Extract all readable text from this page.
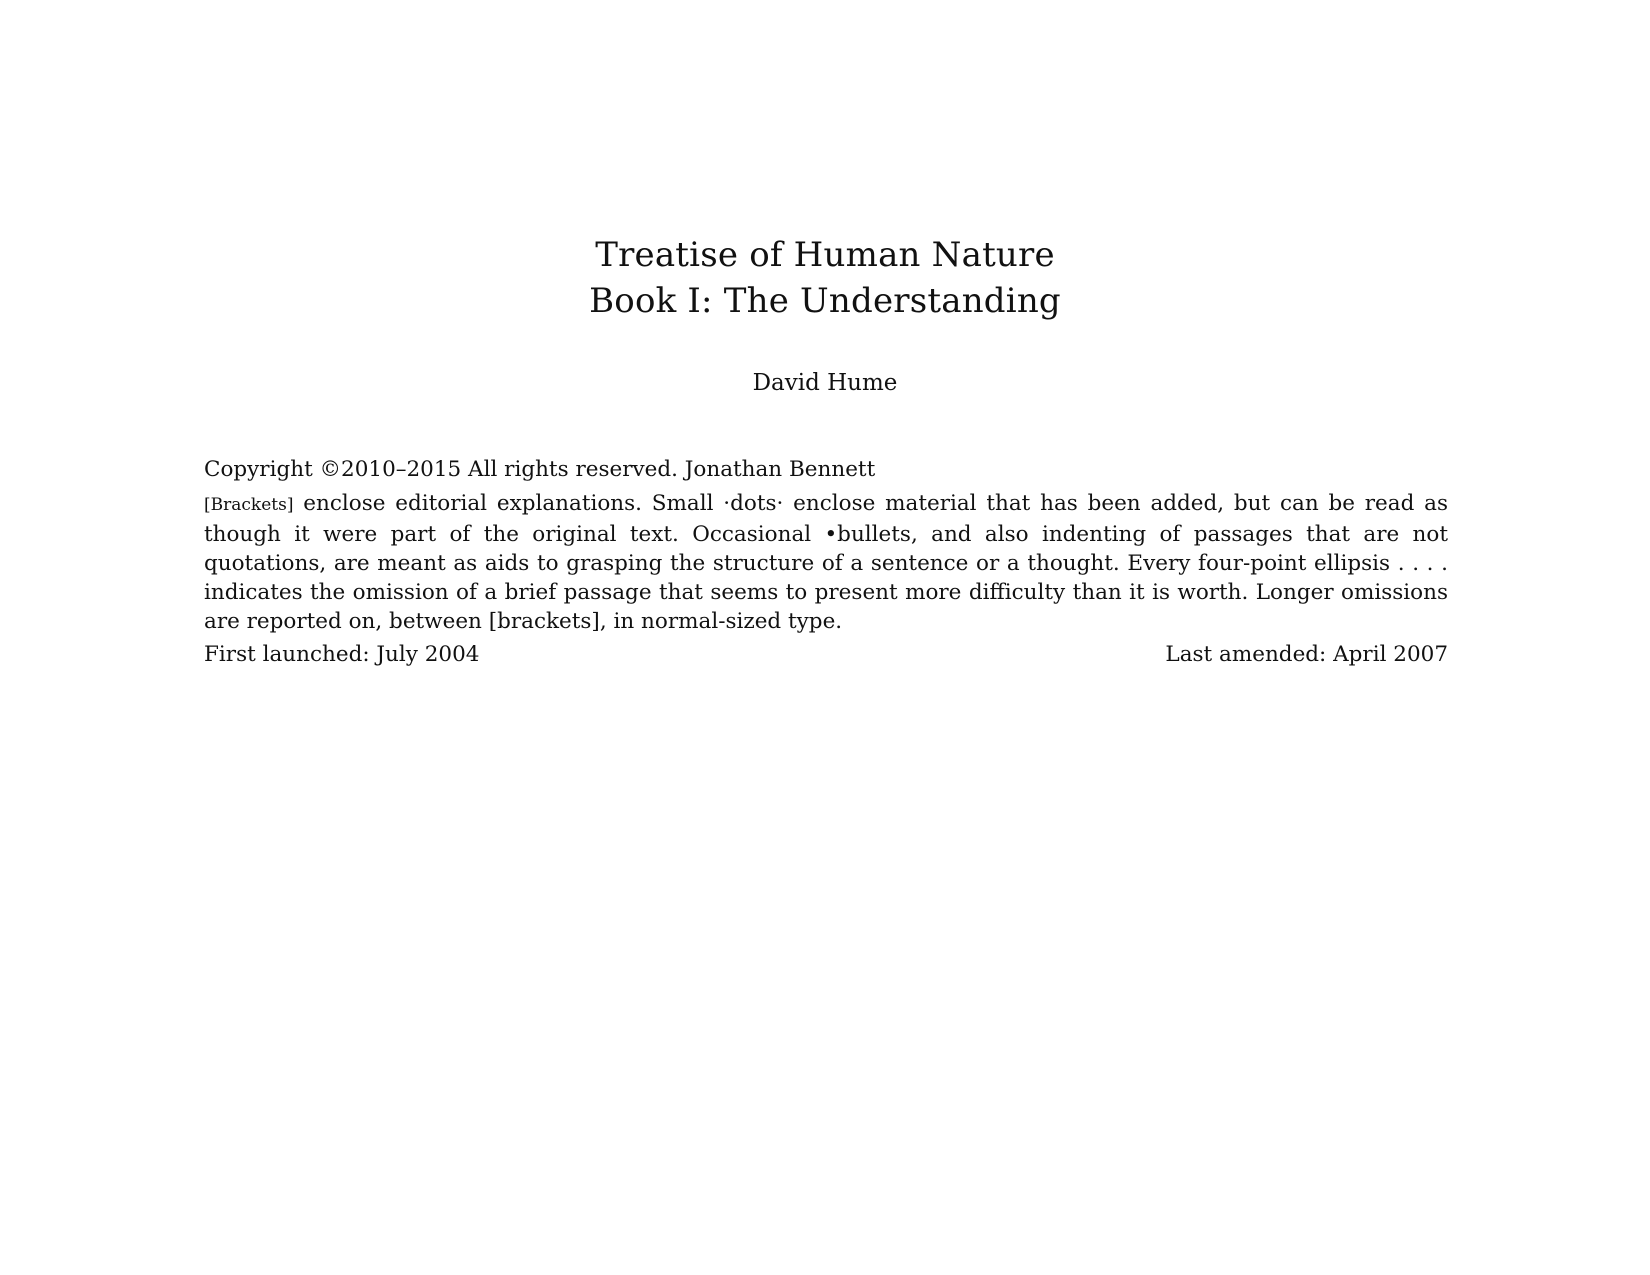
Treatise of Human Nature
Book I: The Understanding
David Hume
Copyright ©2010–2015 All rights reserved. Jonathan Bennett

[Brackets] enclose editorial explanations. Small ·dots· enclose material that has been added, but can be read as though it were part of the original text. Occasional •bullets, and also indenting of passages that are not quotations, are meant as aids to grasping the structure of a sentence or a thought. Every four-point ellipsis . . . . indicates the omission of a brief passage that seems to present more difficulty than it is worth. Longer omissions are reported on, between [brackets], in normal-sized type.

First launched: July 2004	Last amended: April 2007
